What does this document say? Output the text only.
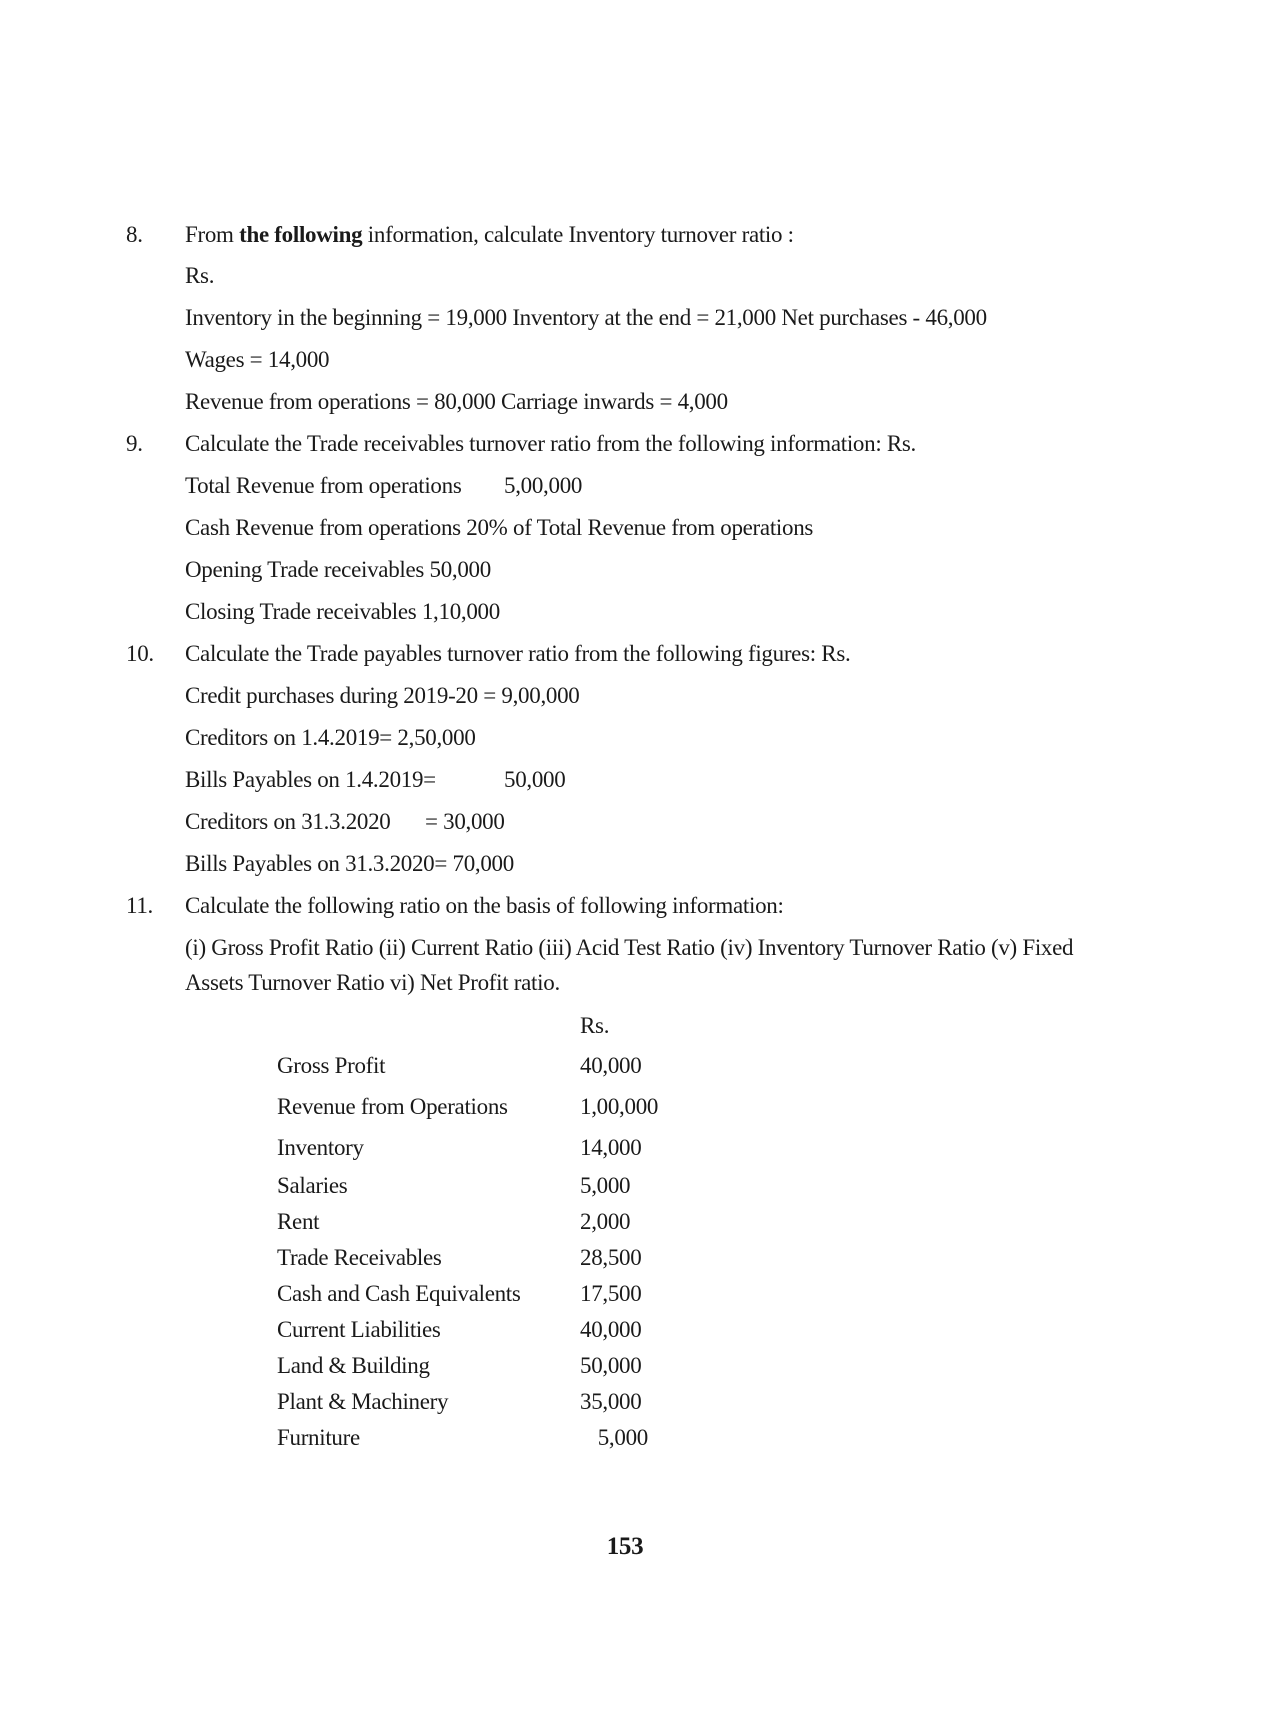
8. From the following information, calculate Inventory turnover ratio :
Rs.
Inventory in the beginning = 19,000 Inventory at the end = 21,000 Net purchases - 46,000
Wages = 14,000
Revenue from operations = 80,000 Carriage inwards = 4,000
9. Calculate the Trade receivables turnover ratio from the following information: Rs.
Total Revenue from operations 5,00,000
Cash Revenue from operations 20% of Total Revenue from operations
Opening Trade receivables 50,000
Closing Trade receivables 1,10,000
10. Calculate the Trade payables turnover ratio from the following figures: Rs.
Credit purchases during 2019-20 = 9,00,000
Creditors on 1.4.2019= 2,50,000
Bills Payables on 1.4.2019=	50,000
Creditors on 31.3.2020 = 30,000
Bills Payables on 31.3.2020= 70,000
11. Calculate the following ratio on the basis of following information:
(i) Gross Profit Ratio (ii) Current Ratio (iii) Acid Test Ratio (iv) Inventory Turnover Ratio (v) Fixed
Assets Turnover Ratio vi) Net Profit ratio.
Rs.
Gross Profit	40,000
Revenue from Operations	1,00,000
Inventory	14,000
Salaries	5,000
Rent	2,000
Trade Receivables	28,500
Cash and Cash Equivalents	17,500
Current Liabilities	40,000
Land & Building	50,000
Plant & Machinery	35,000
Furniture	5,000
153
